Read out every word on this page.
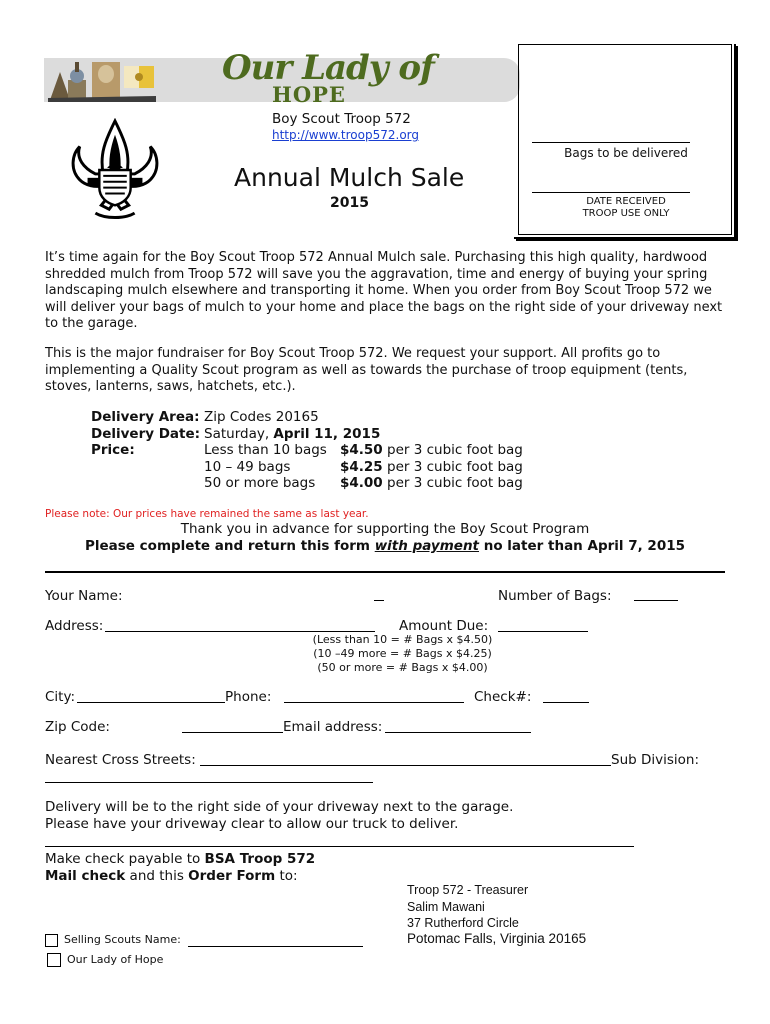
Our Lady of
HOPE
Boy Scout Troop 572
http://www.troop572.org
Annual Mulch Sale
2015
Bags to be delivered
DATE RECEIVED
TROOP USE ONLY
It’s time again for the Boy Scout Troop 572 Annual Mulch sale. Purchasing this high quality, hardwood shredded mulch from Troop 572 will save you the aggravation, time and energy of buying your spring landscaping mulch elsewhere and transporting it home. When you order from Boy Scout Troop 572 we will deliver your bags of mulch to your home and place the bags on the right side of your driveway next to the garage.
This is the major fundraiser for Boy Scout Troop 572. We request your support. All profits go to implementing a Quality Scout program as well as towards the purchase of troop equipment (tents, stoves, lanterns, saws, hatchets, etc.).
Delivery Area: Zip Codes 20165
Delivery Date: Saturday, April 11, 2015
Price:	Less than 10 bags $4.50 per 3 cubic foot bag
10 – 49 bags	$4.25 per 3 cubic foot bag
50 or more bags $4.00 per 3 cubic foot bag
Please note: Our prices have remained the same as last year.
Thank you in advance for supporting the Boy Scout Program
Please complete and return this form with payment no later than April 7, 2015
Your Name:	Number of Bags:
Address:	Amount Due:
(Less than 10 = # Bags x $4.50)
(10 –49 more = # Bags x $4.25)
(50 or more = # Bags x $4.00)
City:	Phone:	Check#:
Zip Code:	Email address:
Nearest Cross Streets:	Sub Division:
Delivery will be to the right side of your driveway next to the garage.
Please have your driveway clear to allow our truck to deliver.
Make check payable to BSA Troop 572
Mail check and this Order Form to:
Troop 572 - Treasurer
Salim Mawani
37 Rutherford Circle
Potomac Falls, Virginia 20165
Selling Scouts Name:
Our Lady of Hope
